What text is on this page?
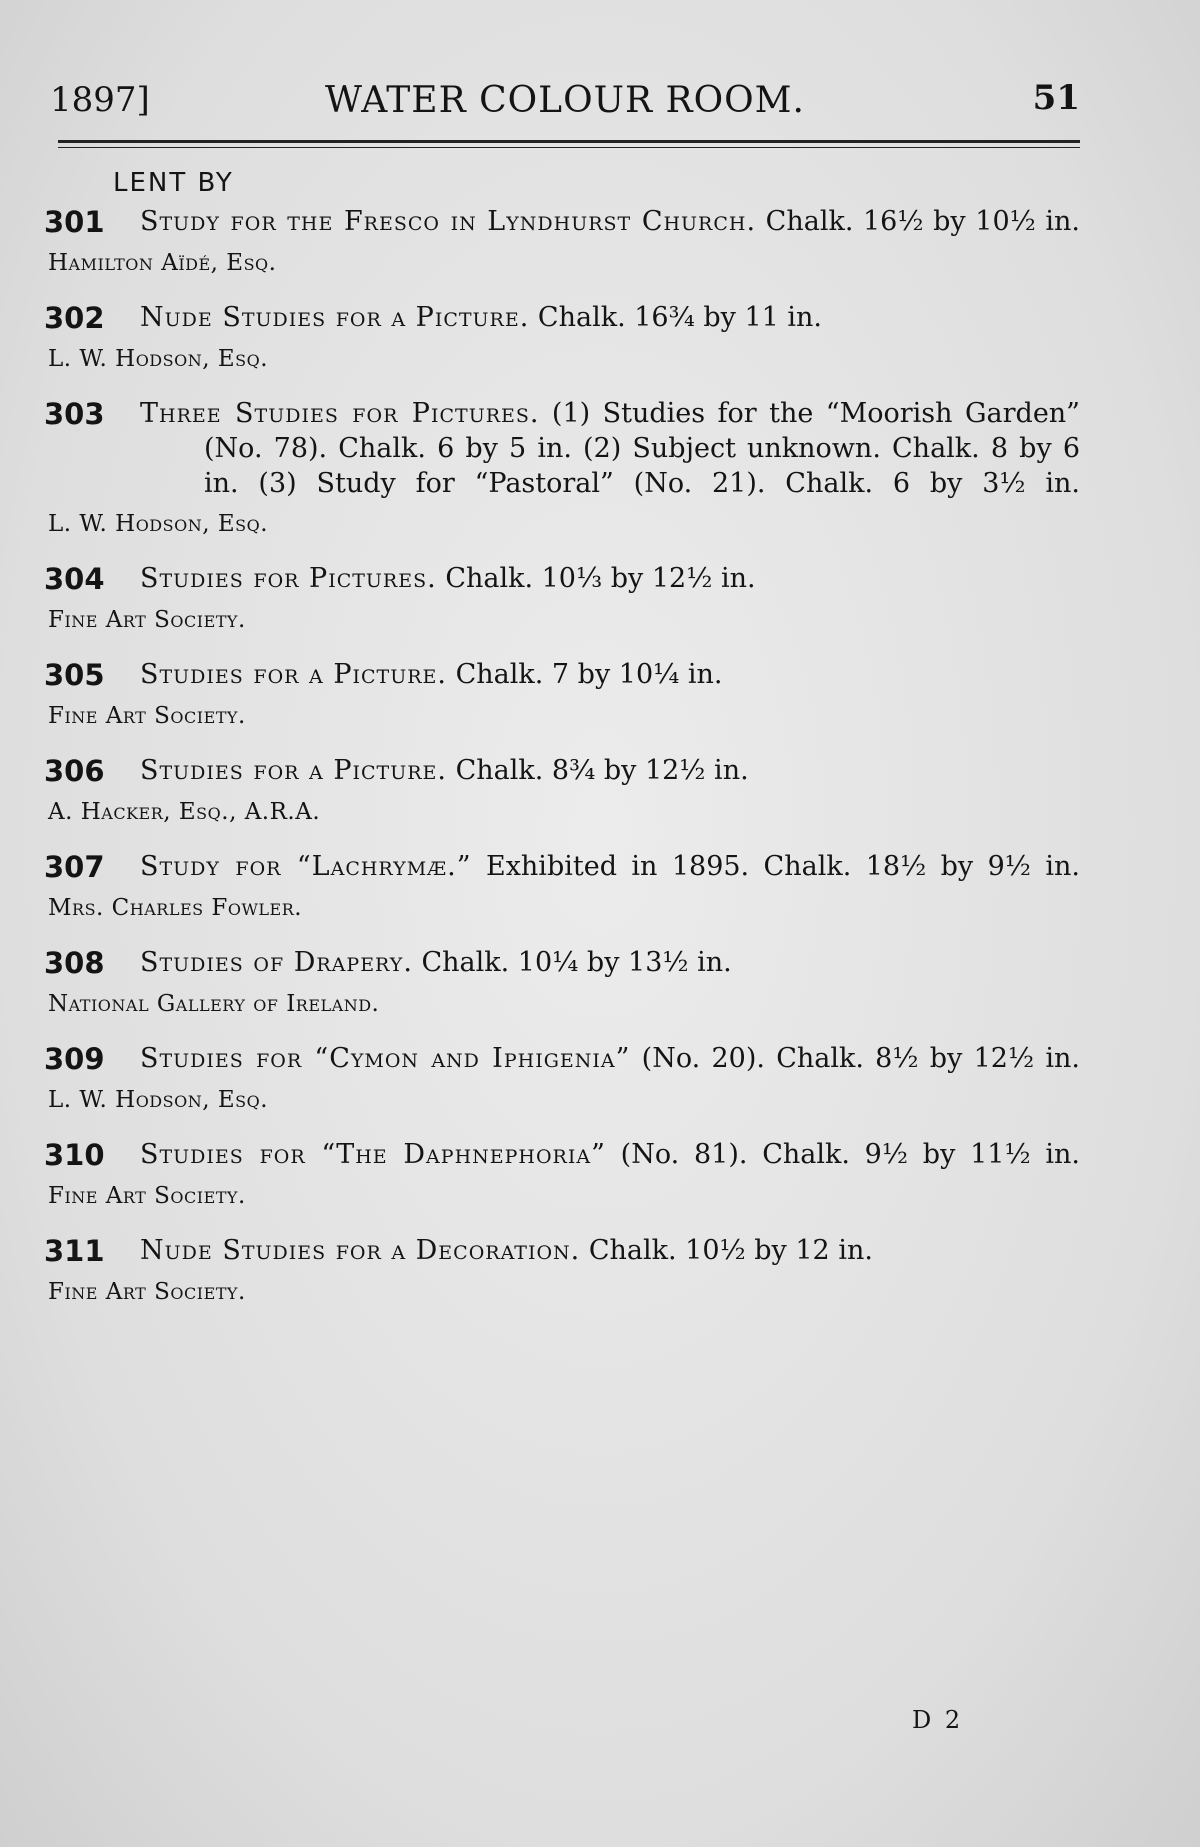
1897]	WATER COLOUR ROOM.	51
LENT BY
301	Study for the Fresco in Lyndhurst Church. Chalk. 16½ by 10½ in.
Hamilton Aïdé, Esq.
302	Nude Studies for a Picture. Chalk. 16¾ by 11 in.
L. W. Hodson, Esq.
303	Three Studies for Pictures. (1) Studies for the “Moorish Garden” (No. 78). Chalk. 6 by 5 in. (2) Subject unknown. Chalk. 8 by 6 in. (3) Study for “Pastoral” (No. 21). Chalk. 6 by 3½ in.
L. W. Hodson, Esq.
304	Studies for Pictures. Chalk. 10⅓ by 12½ in.
Fine Art Society.
305	Studies for a Picture. Chalk. 7 by 10¼ in.
Fine Art Society.
306	Studies for a Picture. Chalk. 8¾ by 12½ in.
A. Hacker, Esq., A.R.A.
307	Study for “Lachrymæ.” Exhibited in 1895. Chalk. 18½ by 9½ in.
Mrs. Charles Fowler.
308	Studies of Drapery. Chalk. 10¼ by 13½ in.
National Gallery of Ireland.
309	Studies for “Cymon and Iphigenia” (No. 20). Chalk. 8½ by 12½ in.
L. W. Hodson, Esq.
310	Studies for “The Daphnephoria” (No. 81). Chalk. 9½ by 11½ in.
Fine Art Society.
311	Nude Studies for a Decoration. Chalk. 10½ by 12 in.
Fine Art Society.
D 2
